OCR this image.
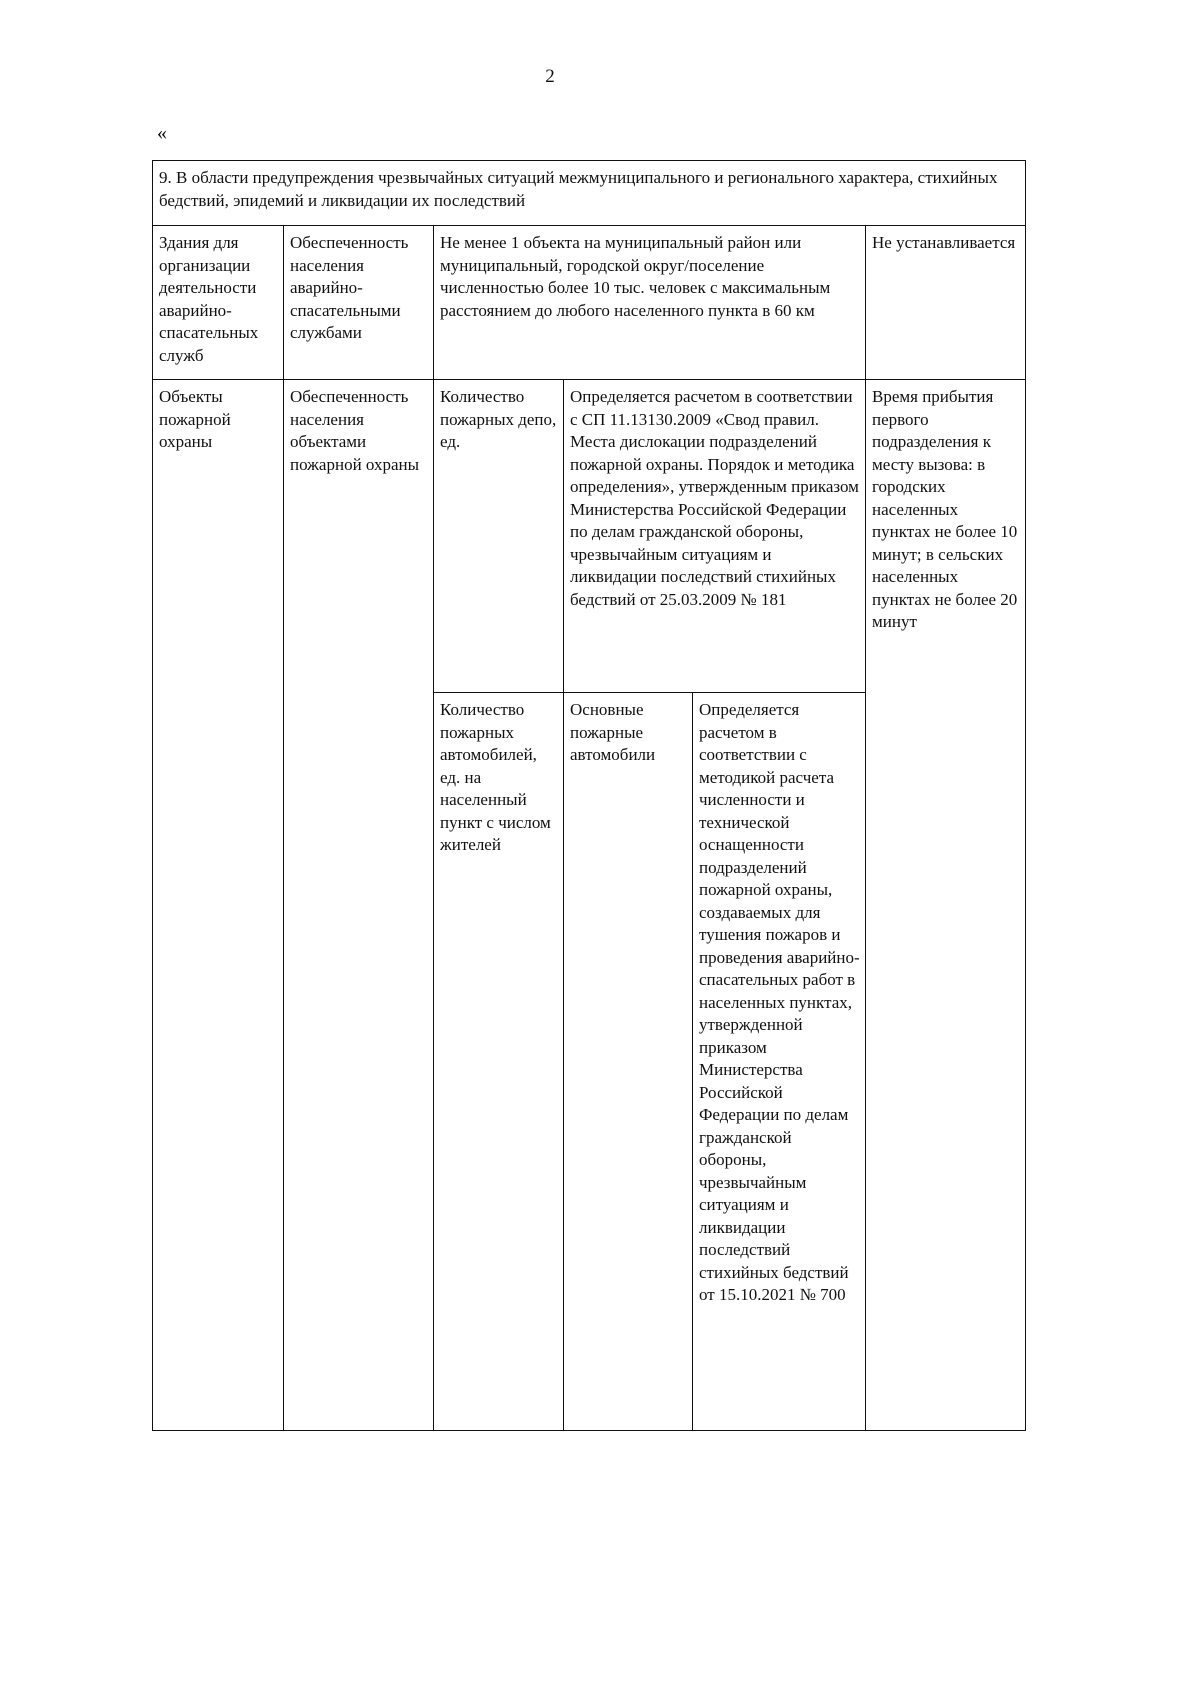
2
«
9. В области предупреждения чрезвычайных ситуаций межмуниципального и регионального характера, стихийных бедствий, эпидемий и ликвидации их последствий					
Здания для организации деятельности аварийно-спасательных служб	Обеспеченность населения аварийно-спасательными службами	Не менее 1 объекта на муниципальный район или муниципальный, городской округ/поселение численностью более 10 тыс. человек с максимальным расстоянием до любого населенного пункта в 60 км			Не устанавливается
Объекты пожарной охраны	Обеспеченность населения объектами пожарной охраны	Количество пожарных депо, ед.	Определяется расчетом в соответствии с СП 11.13130.2009 «Свод правил. Места дислокации подразделений пожарной охраны. Порядок и методика определения», утвержденным приказом Министерства Российской Федерации по делам гражданской обороны, чрезвычайным ситуациям и ликвидации последствий стихийных бедствий от 25.03.2009 № 181		Время прибытия первого подразделения к месту вызова: в городских населенных пунктах не более 10 минут; в сельских населенных пунктах не более 20 минут
		Количество пожарных автомобилей, ед. на населенный пункт с числом жителей	Основные пожарные автомобили	Определяется расчетом в соответствии с методикой расчета численности и технической оснащенности подразделений пожарной охраны, создаваемых для тушения пожаров и проведения аварийно-спасательных работ в населенных пунктах, утвержденной приказом Министерства Российской Федерации по делам гражданской обороны, чрезвычайным ситуациям и ликвидации последствий стихийных бедствий от 15.10.2021 № 700	
